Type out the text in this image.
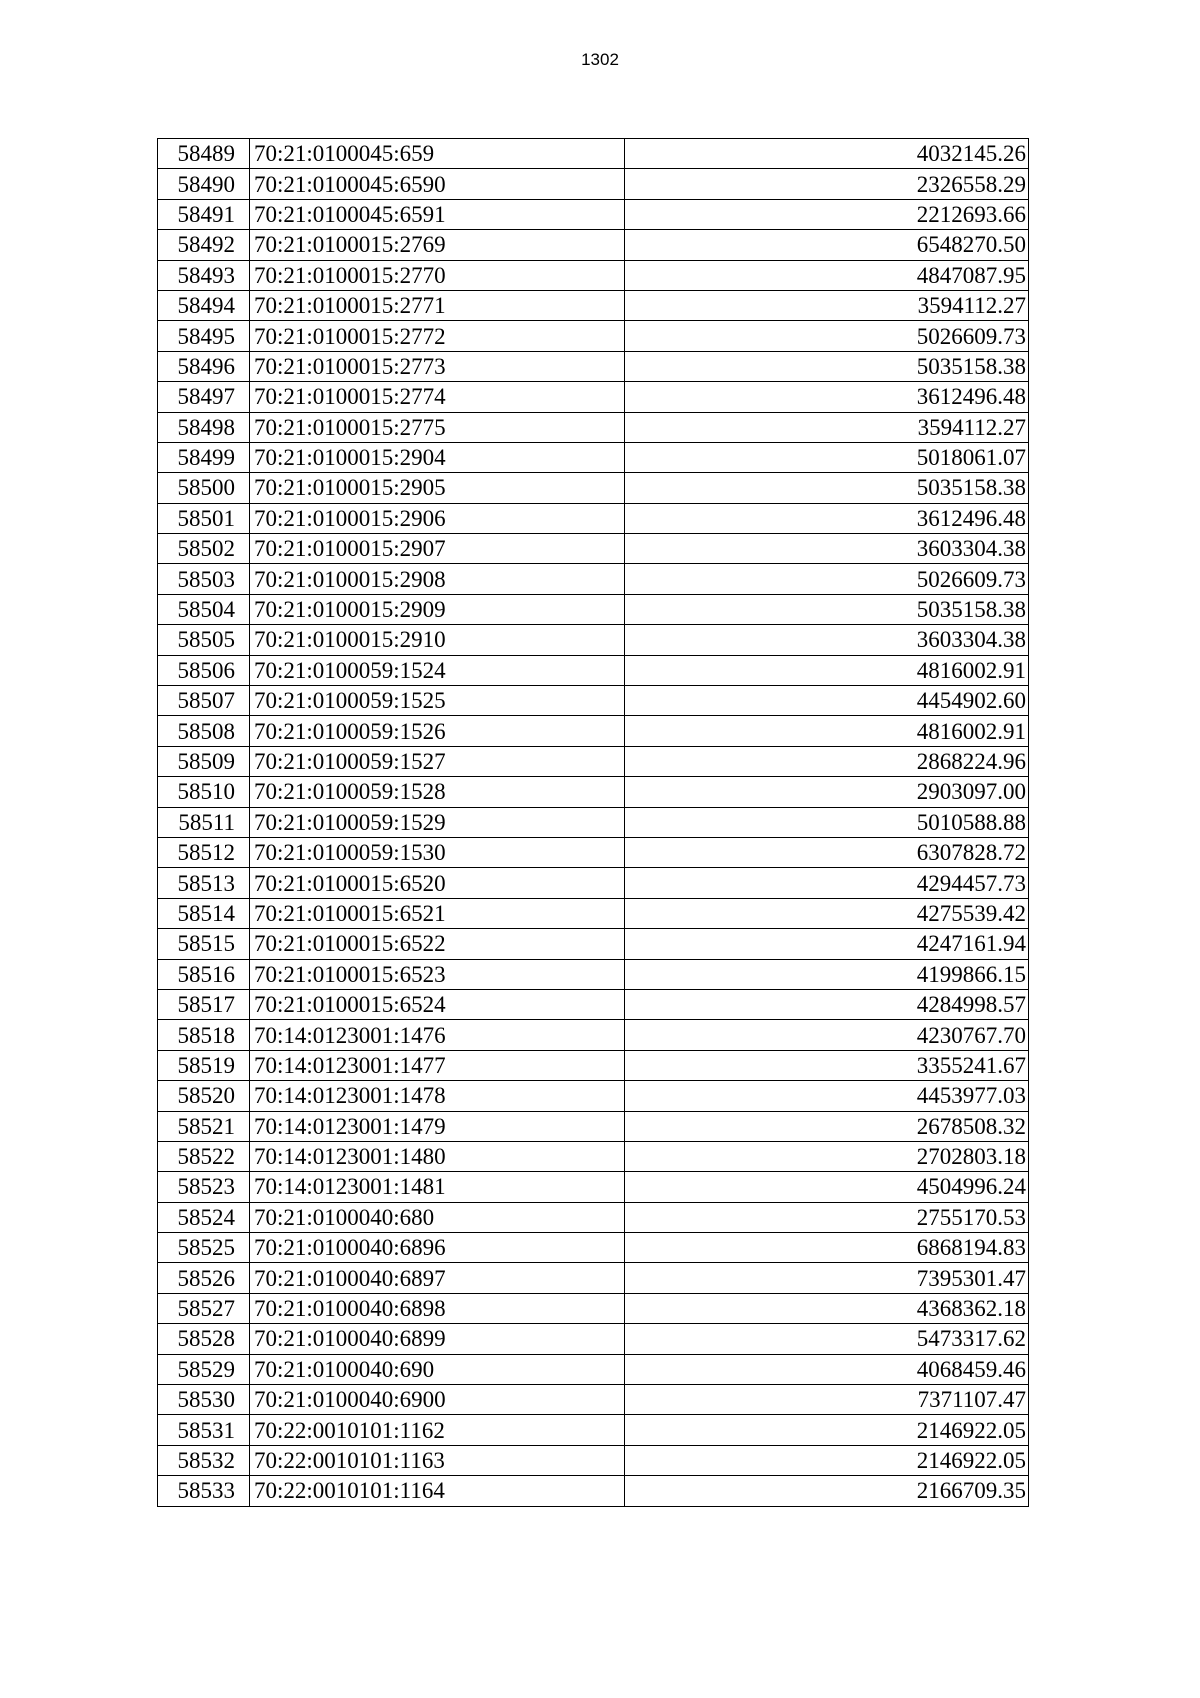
1302
58489	70:21:0100045:659	4032145.26
58490	70:21:0100045:6590	2326558.29
58491	70:21:0100045:6591	2212693.66
58492	70:21:0100015:2769	6548270.50
58493	70:21:0100015:2770	4847087.95
58494	70:21:0100015:2771	3594112.27
58495	70:21:0100015:2772	5026609.73
58496	70:21:0100015:2773	5035158.38
58497	70:21:0100015:2774	3612496.48
58498	70:21:0100015:2775	3594112.27
58499	70:21:0100015:2904	5018061.07
58500	70:21:0100015:2905	5035158.38
58501	70:21:0100015:2906	3612496.48
58502	70:21:0100015:2907	3603304.38
58503	70:21:0100015:2908	5026609.73
58504	70:21:0100015:2909	5035158.38
58505	70:21:0100015:2910	3603304.38
58506	70:21:0100059:1524	4816002.91
58507	70:21:0100059:1525	4454902.60
58508	70:21:0100059:1526	4816002.91
58509	70:21:0100059:1527	2868224.96
58510	70:21:0100059:1528	2903097.00
58511	70:21:0100059:1529	5010588.88
58512	70:21:0100059:1530	6307828.72
58513	70:21:0100015:6520	4294457.73
58514	70:21:0100015:6521	4275539.42
58515	70:21:0100015:6522	4247161.94
58516	70:21:0100015:6523	4199866.15
58517	70:21:0100015:6524	4284998.57
58518	70:14:0123001:1476	4230767.70
58519	70:14:0123001:1477	3355241.67
58520	70:14:0123001:1478	4453977.03
58521	70:14:0123001:1479	2678508.32
58522	70:14:0123001:1480	2702803.18
58523	70:14:0123001:1481	4504996.24
58524	70:21:0100040:680	2755170.53
58525	70:21:0100040:6896	6868194.83
58526	70:21:0100040:6897	7395301.47
58527	70:21:0100040:6898	4368362.18
58528	70:21:0100040:6899	5473317.62
58529	70:21:0100040:690	4068459.46
58530	70:21:0100040:6900	7371107.47
58531	70:22:0010101:1162	2146922.05
58532	70:22:0010101:1163	2146922.05
58533	70:22:0010101:1164	2166709.35
